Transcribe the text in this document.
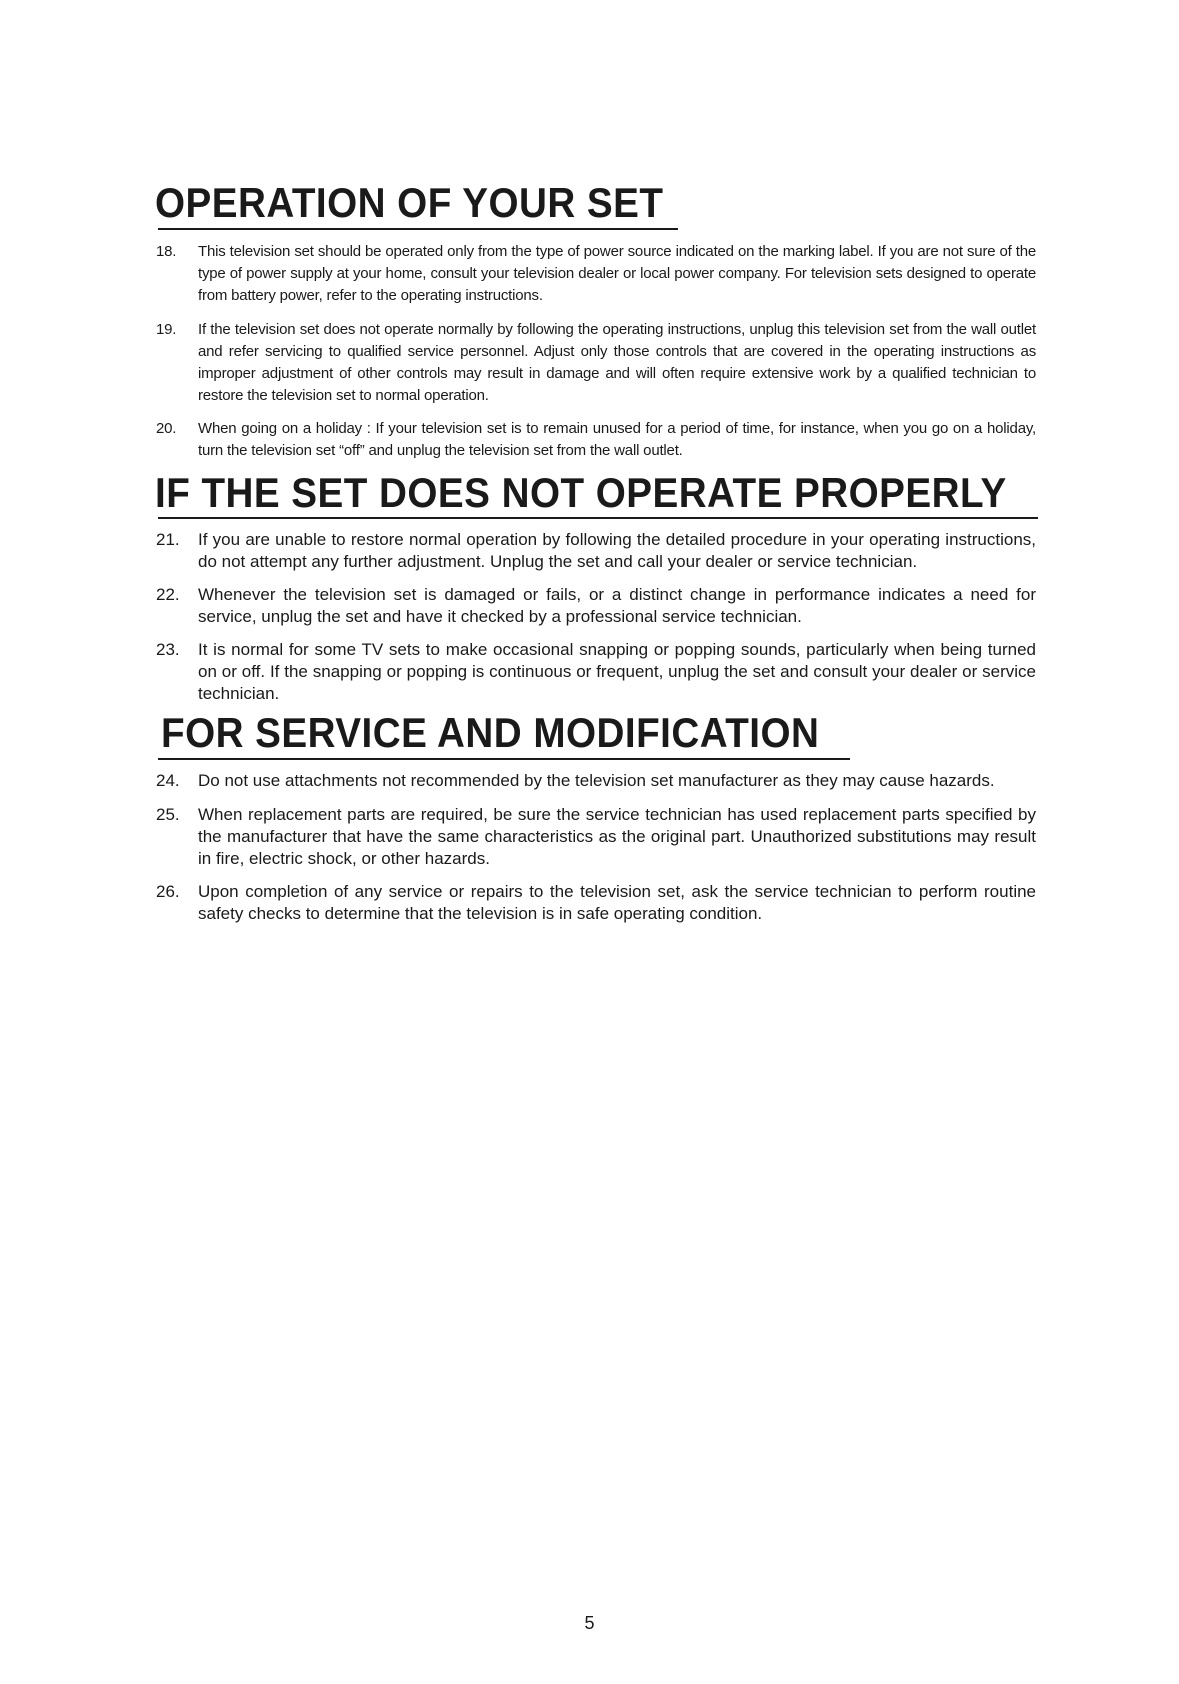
OPERATION OF YOUR SET
18.	This television set should be operated only from the type of power source indicated on the marking label. If you are not sure of the type of power supply at your home, consult your television dealer or local power company. For television sets designed to operate from battery power, refer to the operating instructions.

19.	If the television set does not operate normally by following the operating instructions, unplug this television set from the wall outlet and refer servicing to qualified service personnel. Adjust only those controls that are covered in the operating instructions as improper adjustment of other controls may result in damage and will often require extensive work by a qualified technician to restore the television set to normal operation.

20.	When going on a holiday : If your television set is to remain unused for a period of time, for instance, when you go on a holiday, turn the television set “off” and unplug the television set from the wall outlet.

IF THE SET DOES NOT OPERATE PROPERLY
21.	If you are unable to restore normal operation by following the detailed procedure in your operating instructions, do not attempt any further adjustment. Unplug the set and call your dealer or service technician.

22.	Whenever the television set is damaged or fails, or a distinct change in performance indicates a need for service, unplug the set and have it checked by a professional service technician.

23.	It is normal for some TV sets to make occasional snapping or popping sounds, particularly when being turned on or off. If the snapping or popping is continuous or frequent, unplug the set and consult your dealer or service technician.

FOR SERVICE AND MODIFICATION
24.	Do not use attachments not recommended by the television set manufacturer as they may cause hazards.

25.	When replacement parts are required, be sure the service technician has used replacement parts specified by the manufacturer that have the same characteristics as the original part. Unauthorized substitutions may result in fire, electric shock, or other hazards.

26.	Upon completion of any service or repairs to the television set, ask the service technician to perform routine safety checks to determine that the television is in safe operating condition.

5
